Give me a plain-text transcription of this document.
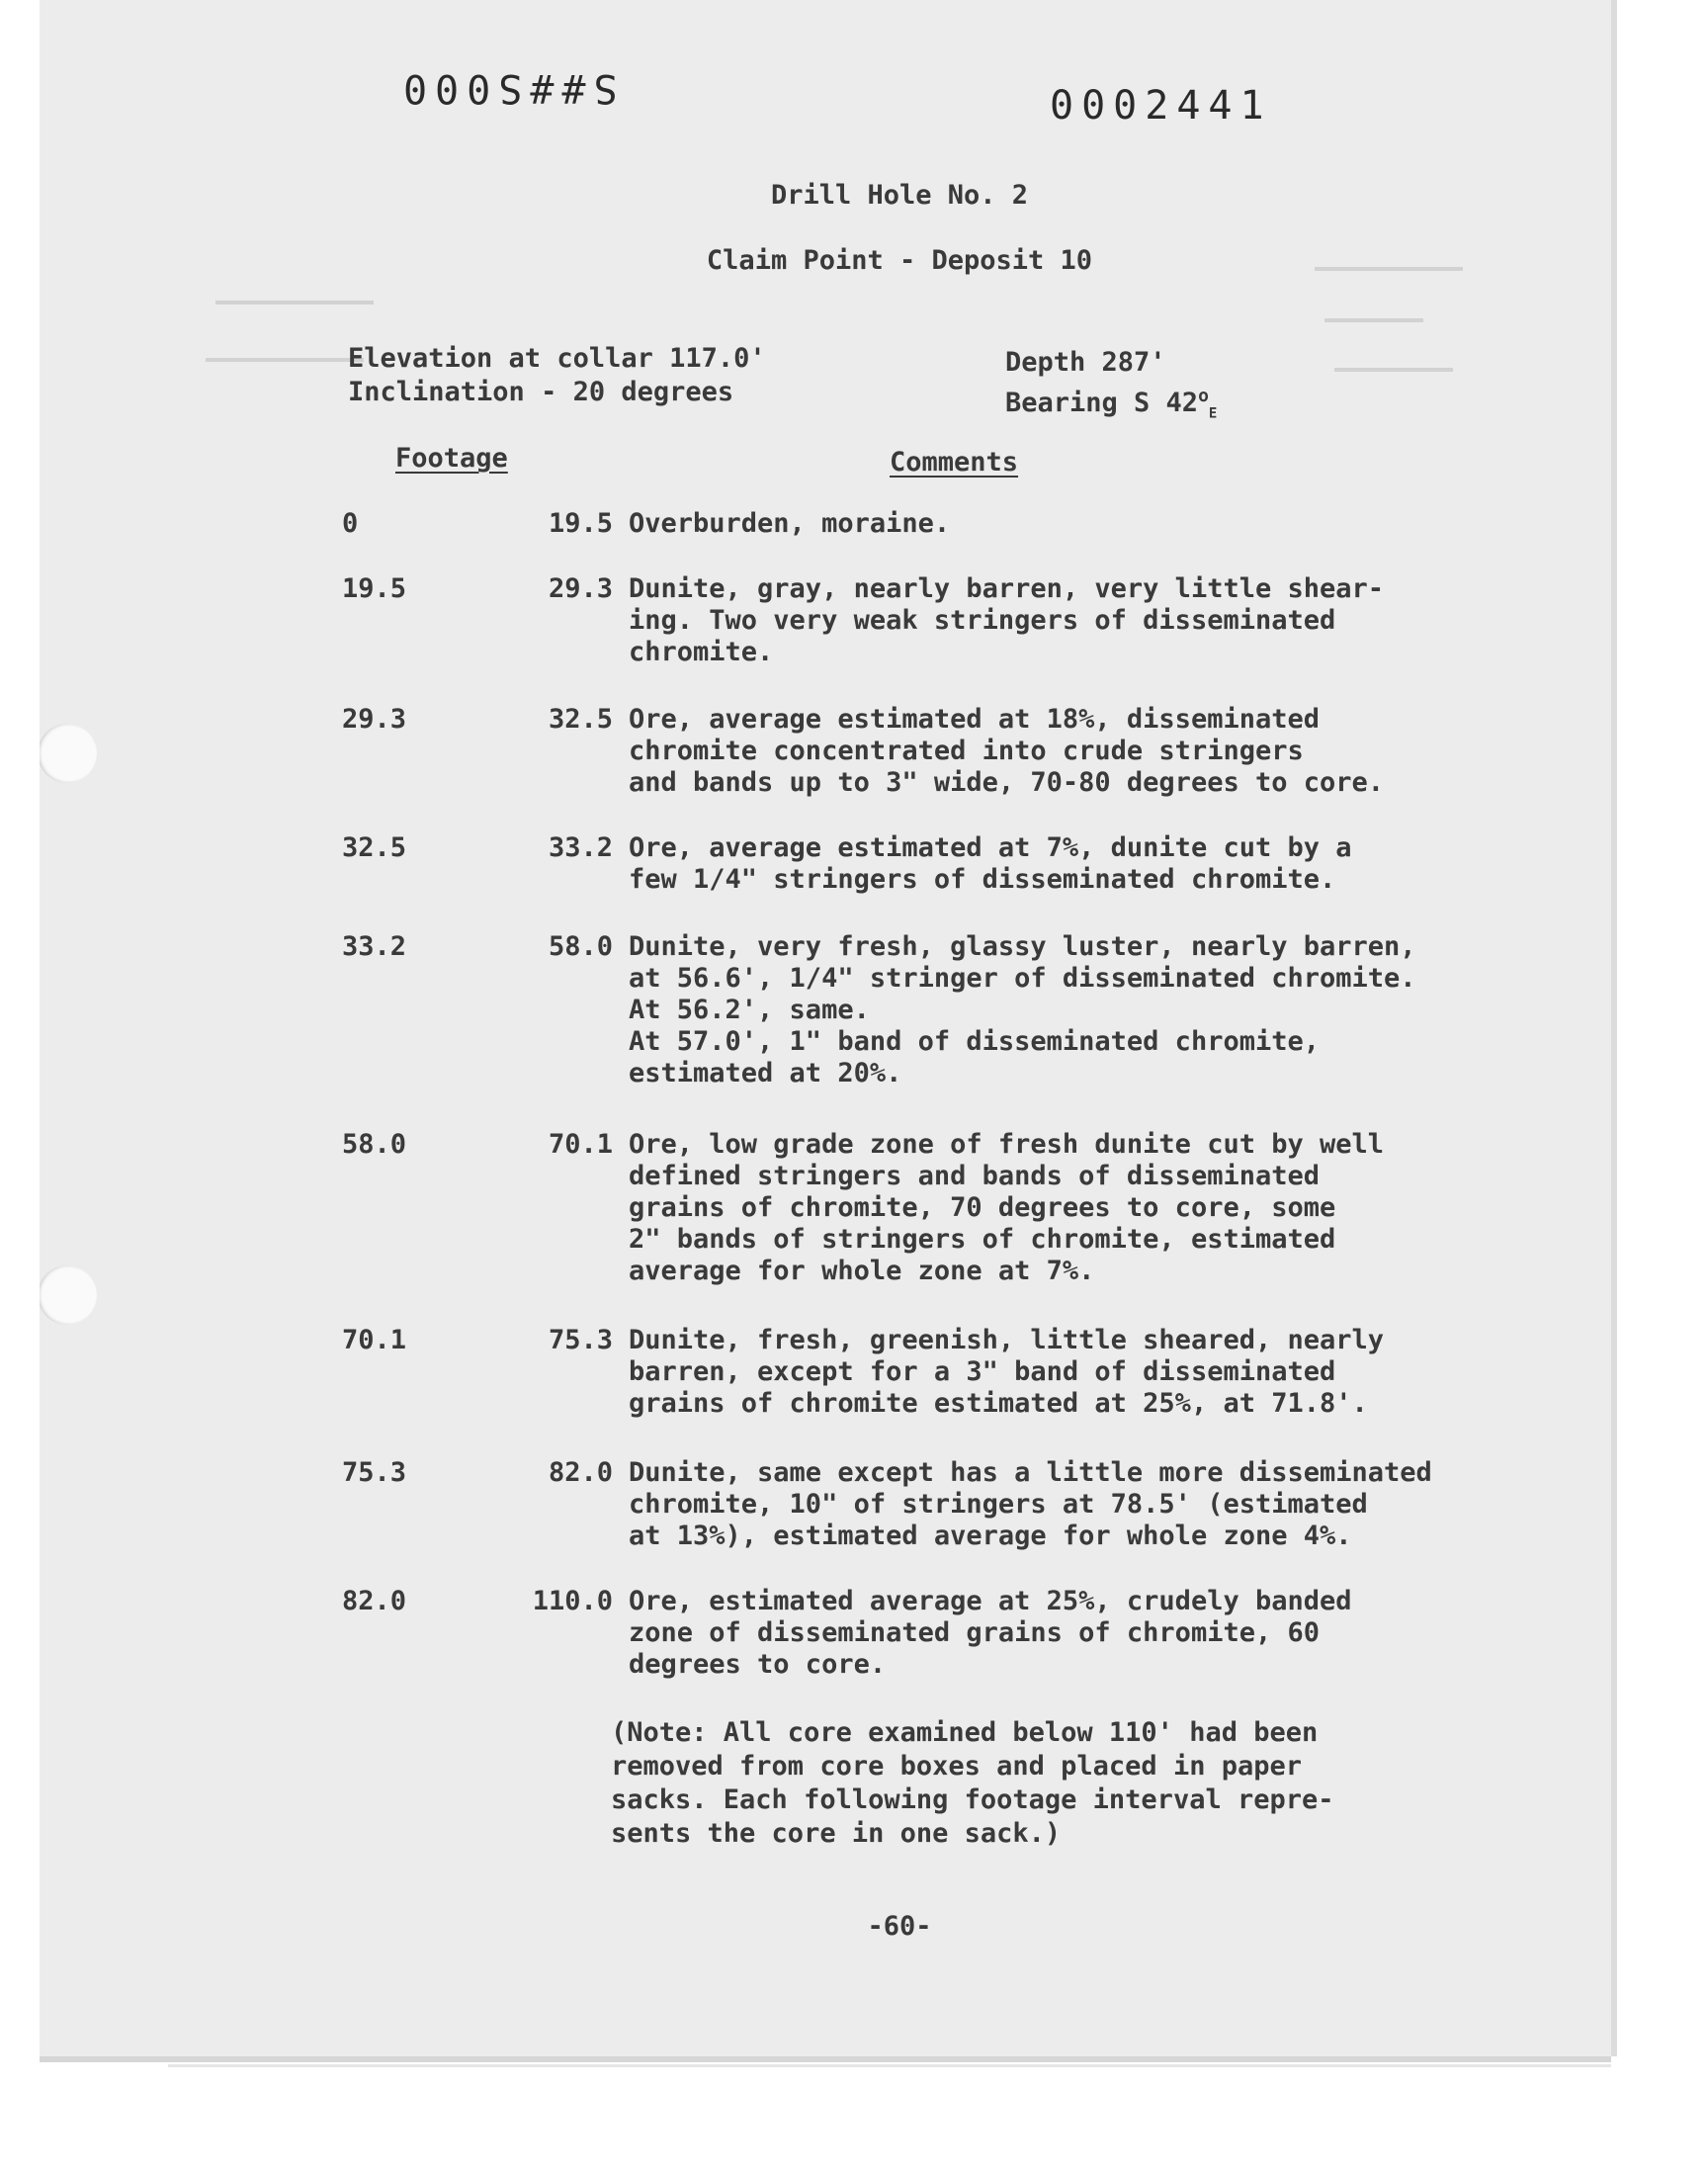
S##S000	0002441
Drill Hole No. 2
Claim Point - Deposit 10
Elevation at collar 117.0'
Inclination - 20 degrees
Depth 287'
Bearing S $42^o_E$
Footage	Comments
0	19.5 Overburden, moraine.
19.5	29.3 Dunite, gray, nearly barren, very little shear-
ing. Two very weak stringers of disseminated
chromite.
29.3	32.5 Ore, average estimated at 18%, disseminated
chromite concentrated into crude stringers
and bands up to 3" wide, 70-80 degrees to core.
32.5	33.2 Ore, average estimated at 7%, dunite cut by a
few 1/4" stringers of disseminated chromite.
33.2	58.0 Dunite, very fresh, glassy luster, nearly barren,
at 56.6', 1/4" stringer of disseminated chromite.
At 56.2', same.
At 57.0', 1" band of disseminated chromite,
estimated at 20%.
58.0	70.1 Ore, low grade zone of fresh dunite cut by well
defined stringers and bands of disseminated
grains of chromite, 70 degrees to core, some
2" bands of stringers of chromite, estimated
average for whole zone at 7%.
70.1	75.3 Dunite, fresh, greenish, little sheared, nearly
barren, except for a 3" band of disseminated
grains of chromite estimated at 25%, at 71.8'.
75.3	82.0 Dunite, same except has a little more disseminated
chromite, 10" of stringers at 78.5' (estimated
at 13%), estimated average for whole zone 4%.
82.0	110.0 Ore, estimated average at 25%, crudely banded
zone of disseminated grains of chromite, 60
degrees to core.
(Note: All core examined below 110' had been
removed from core boxes and placed in paper
sacks. Each following footage interval repre-
sents the core in one sack.)
-60-
